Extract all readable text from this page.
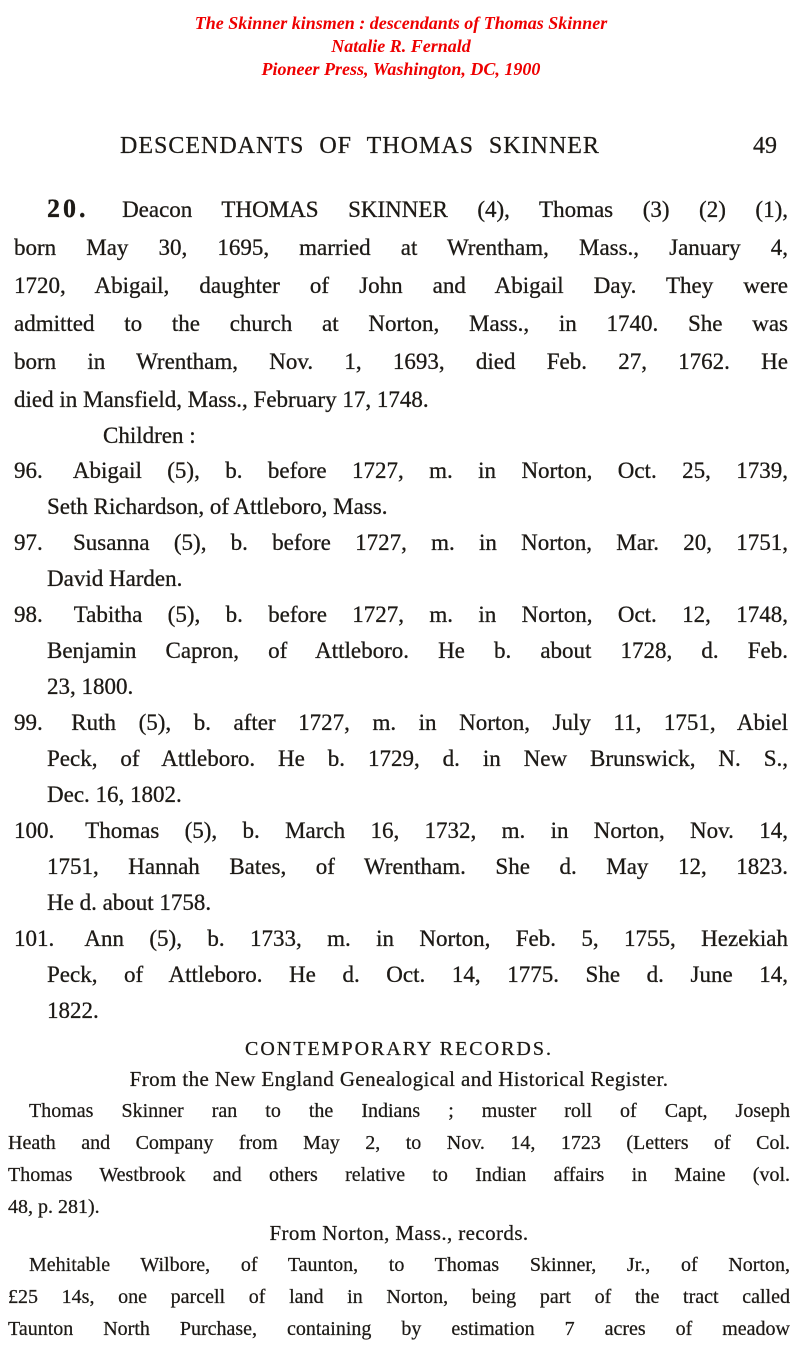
The Skinner kinsmen : descendants of Thomas Skinner
Natalie R. Fernald
Pioneer Press, Washington, DC, 1900
DESCENDANTS OF THOMAS SKINNER	49
20. Deacon THOMAS SKINNER (4), Thomas (3) (2) (1),
born May 30, 1695, married at Wrentham, Mass., January 4,
1720, Abigail, daughter of John and Abigail Day. They were
admitted to the church at Norton, Mass., in 1740. She was
born in Wrentham, Nov. 1, 1693, died Feb. 27, 1762. He
died in Mansfield, Mass., February 17, 1748.
Children :
96. Abigail (5), b. before 1727, m. in Norton, Oct. 25, 1739,
Seth Richardson, of Attleboro, Mass.
97. Susanna (5), b. before 1727, m. in Norton, Mar. 20, 1751,
David Harden.
98. Tabitha (5), b. before 1727, m. in Norton, Oct. 12, 1748,
Benjamin Capron, of Attleboro. He b. about 1728, d. Feb.
23, 1800.
99. Ruth (5), b. after 1727, m. in Norton, July 11, 1751, Abiel
Peck, of Attleboro. He b. 1729, d. in New Brunswick, N. S.,
Dec. 16, 1802.
100. Thomas (5), b. March 16, 1732, m. in Norton, Nov. 14,
1751, Hannah Bates, of Wrentham. She d. May 12, 1823.
He d. about 1758.
101. Ann (5), b. 1733, m. in Norton, Feb. 5, 1755, Hezekiah
Peck, of Attleboro. He d. Oct. 14, 1775. She d. June 14,
1822.
CONTEMPORARY RECORDS.
From the New England Genealogical and Historical Register.
Thomas Skinner ran to the Indians ; muster roll of Capt, Joseph
Heath and Company from May 2, to Nov. 14, 1723 (Letters of Col.
Thomas Westbrook and others relative to Indian affairs in Maine (vol.
48, p. 281).
From Norton, Mass., records.
Mehitable Wilbore, of Taunton, to Thomas Skinner, Jr., of Norton,
£25 14s, one parcell of land in Norton, being part of the tract called
Taunton North Purchase, containing by estimation 7 acres of meadow
